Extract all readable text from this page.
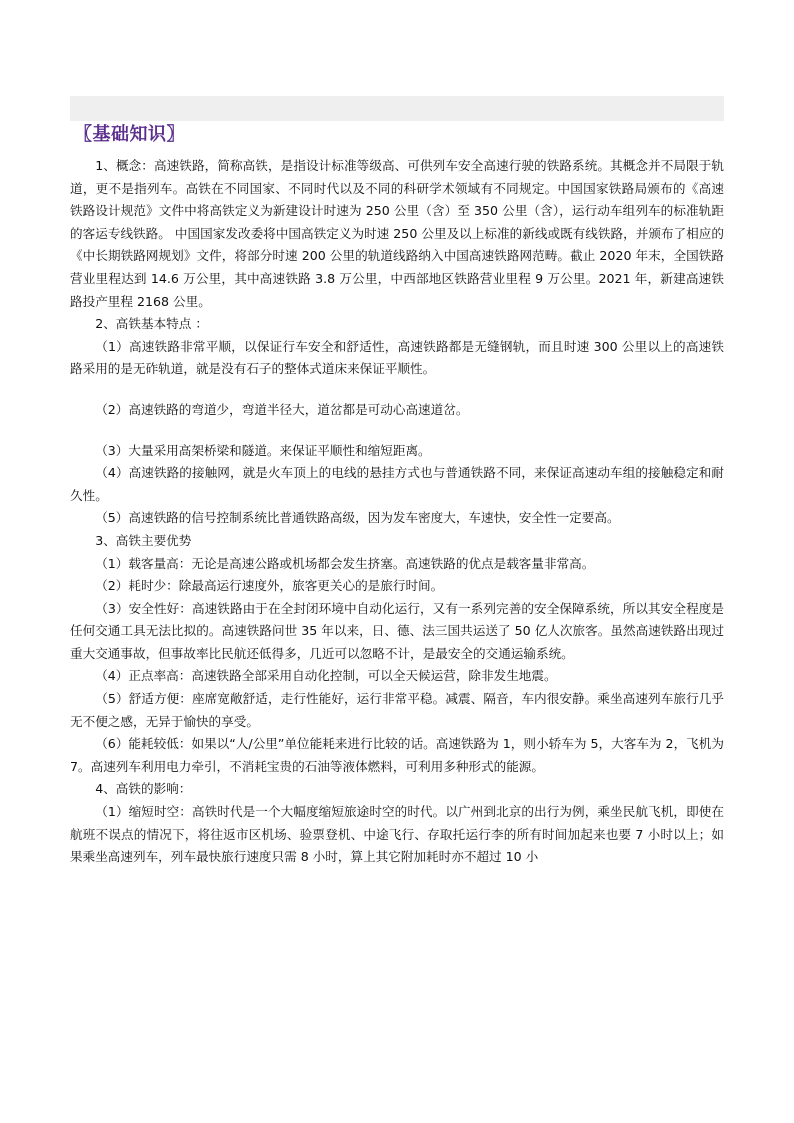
〖基础知识〗

1、概念：高速铁路，简称高铁，是指设计标准等级高、可供列车安全高速行驶的铁路系统。其概念并不局限于轨道，更不是指列车。高铁在不同国家、不同时代以及不同的科研学术领域有不同规定。中国国家铁路局颁布的《高速铁路设计规范》文件中将高铁定义为新建设计时速为 250 公里（含）至 350 公里（含），运行动车组列车的标准轨距的客运专线铁路。 中国国家发改委将中国高铁定义为时速 250 公里及以上标准的新线或既有线铁路，并颁布了相应的《中长期铁路网规划》文件，将部分时速 200 公里的轨道线路纳入中国高速铁路网范畴。截止 2020 年末，全国铁路营业里程达到 14.6 万公里，其中高速铁路 3.8 万公里，中西部地区铁路营业里程 9 万公里。2021 年，新建高速铁路投产里程 2168 公里。

2、高铁基本特点 ：

（1）高速铁路非常平顺，以保证行车安全和舒适性，高速铁路都是无缝钢轨，而且时速 300 公里以上的高速铁路采用的是无砟轨道，就是没有石子的整体式道床来保证平顺性。

（2）高速铁路的弯道少，弯道半径大，道岔都是可动心高速道岔。

（3）大量采用高架桥梁和隧道。来保证平顺性和缩短距离。

（4）高速铁路的接触网，就是火车顶上的电线的悬挂方式也与普通铁路不同，来保证高速动车组的接触稳定和耐久性。

（5）高速铁路的信号控制系统比普通铁路高级，因为发车密度大，车速快，安全性一定要高。

3、高铁主要优势

（1）载客量高：无论是高速公路或机场都会发生挤塞。高速铁路的优点是载客量非常高。

（2）耗时少：除最高运行速度外，旅客更关心的是旅行时间。

（3）安全性好：高速铁路由于在全封闭环境中自动化运行，又有一系列完善的安全保障系统，所以其安全程度是任何交通工具无法比拟的。高速铁路问世 35 年以来，日、德、法三国共运送了 50 亿人次旅客。虽然高速铁路出现过重大交通事故，但事故率比民航还低得多，几近可以忽略不计，是最安全的交通运输系统。

（4）正点率高：高速铁路全部采用自动化控制，可以全天候运营，除非发生地震。

（5）舒适方便：座席宽敞舒适，走行性能好，运行非常平稳。减震、隔音，车内很安静。乘坐高速列车旅行几乎无不便之感，无异于愉快的享受。

（6）能耗较低：如果以“人/公里”单位能耗来进行比较的话。高速铁路为 1，则小轿车为 5，大客车为 2，飞机为 7。高速列车利用电力牵引，不消耗宝贵的石油等液体燃料，可利用多种形式的能源。

4、高铁的影响：

（1）缩短时空：高铁时代是一个大幅度缩短旅途时空的时代。以广州到北京的出行为例，乘坐民航飞机，即使在航班不误点的情况下，将往返市区机场、验票登机、中途飞行、存取托运行李的所有时间加起来也要 7 小时以上；如果乘坐高速列车，列车最快旅行速度只需 8 小时，算上其它附加耗时亦不超过 10 小
